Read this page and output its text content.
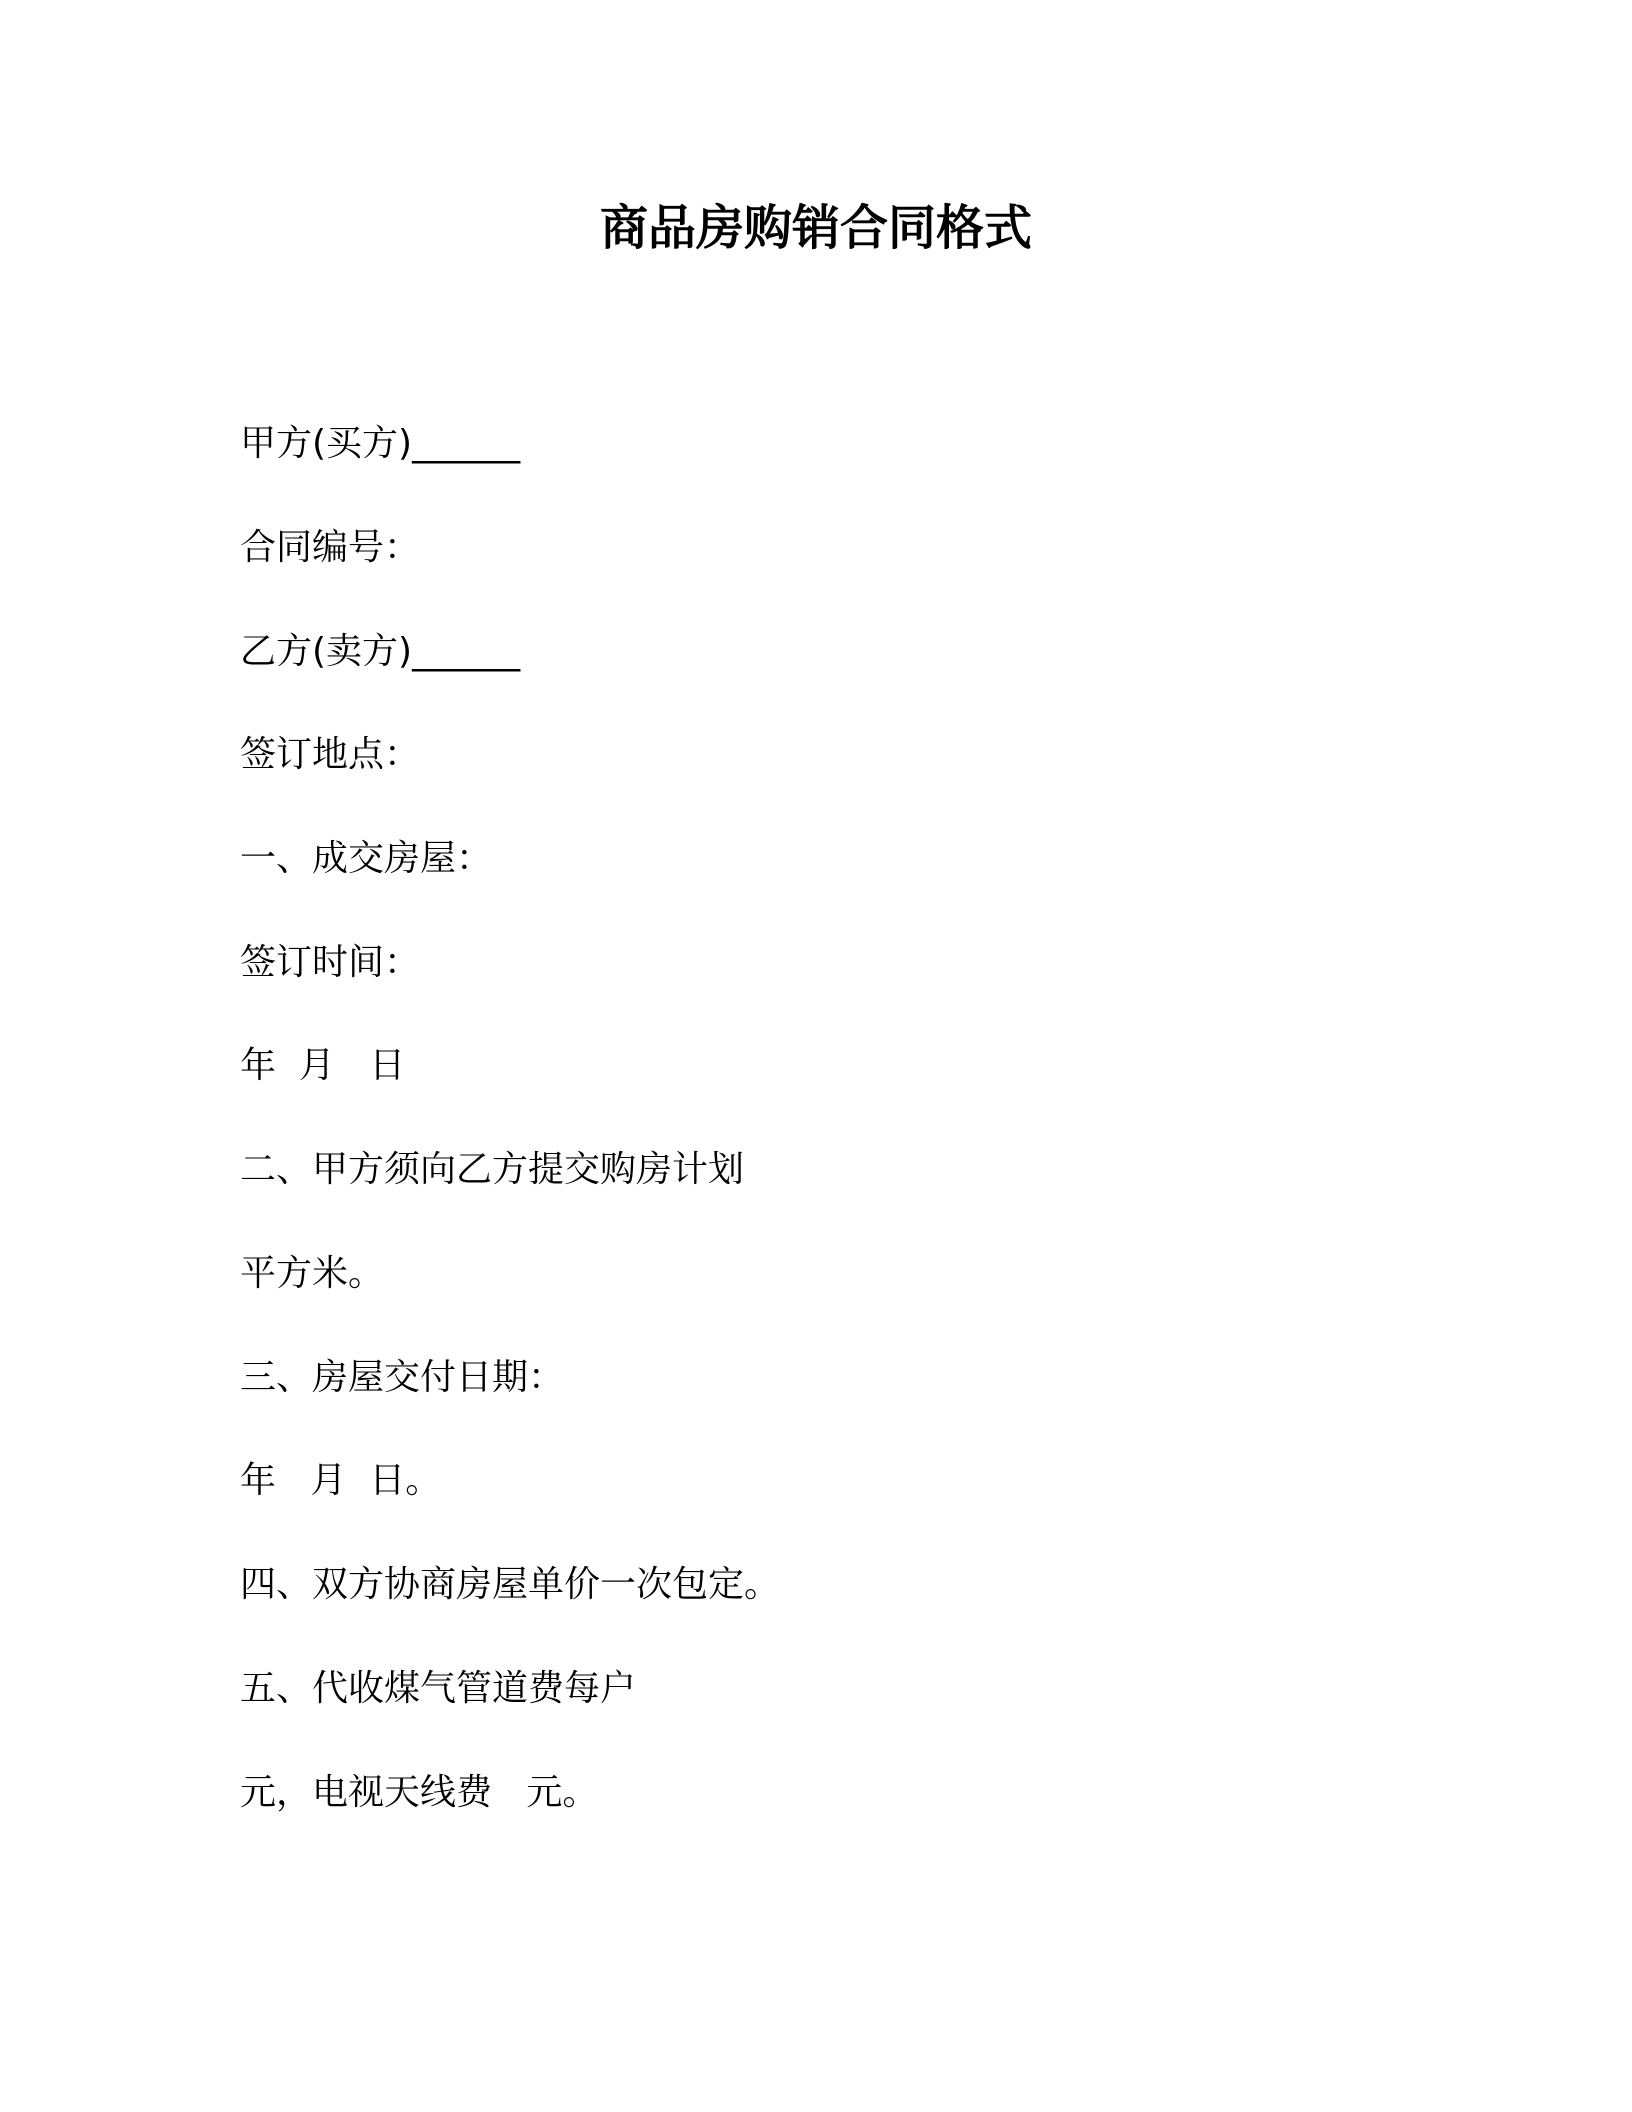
商品房购销合同格式
甲方(买方)______
合同编号：
乙方(卖方)______
签订地点：
一、成交房屋：
签订时间：
年  月   日
二、甲方须向乙方提交购房计划
平方米。
三、房屋交付日期：
年   月  日。
四、双方协商房屋单价一次包定。
五、代收煤气管道费每户
元，电视天线费   元。
